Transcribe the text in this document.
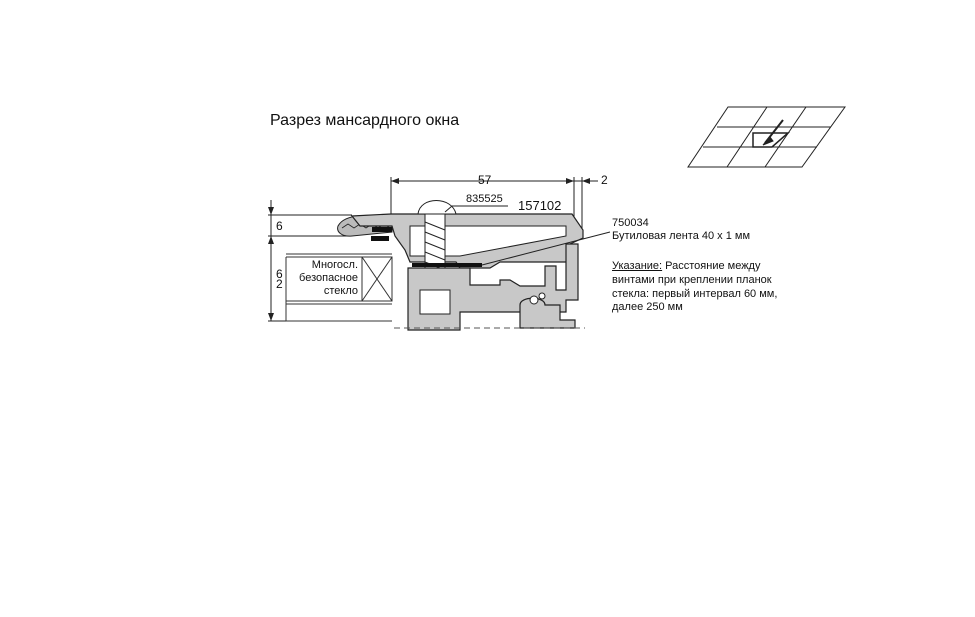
Разрез мансардного окна
57	2
6
6
2
835525 157102
750034
Бутиловая лента 40 x 1 мм
Указание: Расстояние между
винтами при креплении планок
стекла: первый интервал 60 мм,
далее 250 мм
Многосл.
безопасное
стекло
